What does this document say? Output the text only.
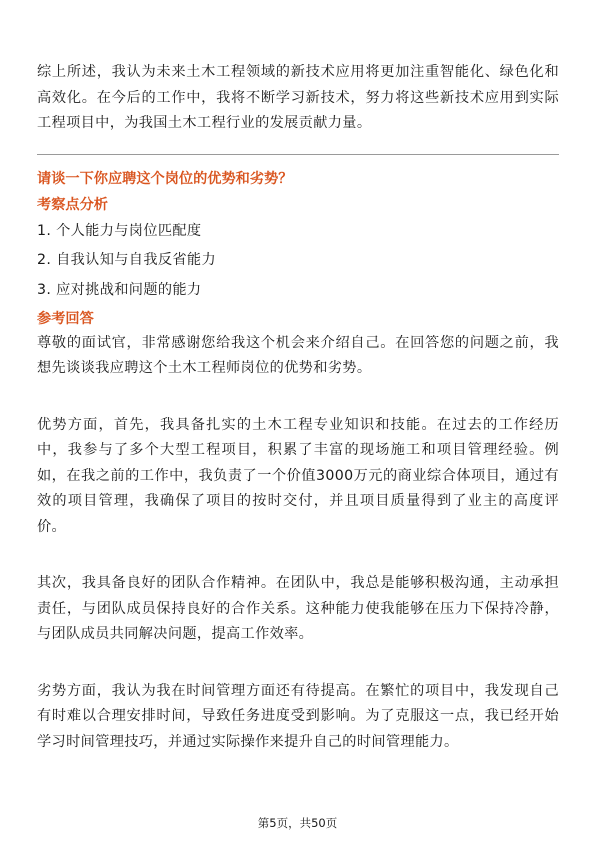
综上所述，我认为未来土木工程领域的新技术应用将更加注重智能化、绿色化和高效化。在今后的工作中，我将不断学习新技术，努力将这些新技术应用到实际工程项目中，为我国土木工程行业的发展贡献力量。

请谈一下你应聘这个岗位的优势和劣势？
考察点分析
1. 个人能力与岗位匹配度
2. 自我认知与自我反省能力
3. 应对挑战和问题的能力
参考回答

尊敬的面试官，非常感谢您给我这个机会来介绍自己。在回答您的问题之前，我想先谈谈我应聘这个土木工程师岗位的优势和劣势。

优势方面，首先，我具备扎实的土木工程专业知识和技能。在过去的工作经历中，我参与了多个大型工程项目，积累了丰富的现场施工和项目管理经验。例如，在我之前的工作中，我负责了一个价值3000万元的商业综合体项目，通过有效的项目管理，我确保了项目的按时交付，并且项目质量得到了业主的高度评价。

其次，我具备良好的团队合作精神。在团队中，我总是能够积极沟通，主动承担责任，与团队成员保持良好的合作关系。这种能力使我能够在压力下保持冷静，与团队成员共同解决问题，提高工作效率。

劣势方面，我认为我在时间管理方面还有待提高。在繁忙的项目中，我发现自己有时难以合理安排时间，导致任务进度受到影响。为了克服这一点，我已经开始学习时间管理技巧，并通过实际操作来提升自己的时间管理能力。

第5页，共50页
